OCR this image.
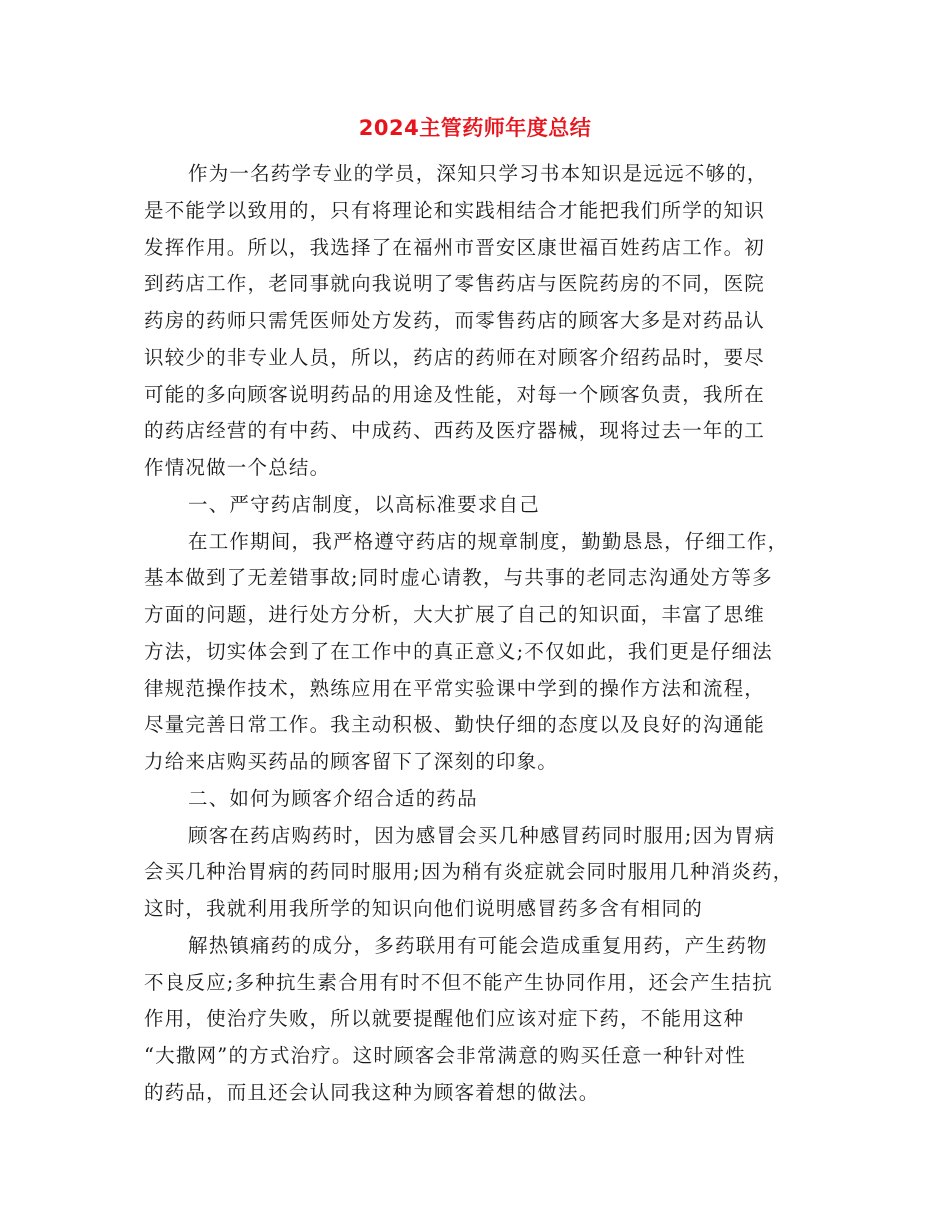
2024主管药师年度总结
作为一名药学专业的学员，深知只学习书本知识是远远不够的，
是不能学以致用的，只有将理论和实践相结合才能把我们所学的知识
发挥作用。所以，我选择了在福州市晋安区康世福百姓药店工作。初
到药店工作，老同事就向我说明了零售药店与医院药房的不同，医院
药房的药师只需凭医师处方发药，而零售药店的顾客大多是对药品认
识较少的非专业人员，所以，药店的药师在对顾客介绍药品时，要尽
可能的多向顾客说明药品的用途及性能，对每一个顾客负责，我所在
的药店经营的有中药、中成药、西药及医疗器械，现将过去一年的工
作情况做一个总结。
一、严守药店制度，以高标准要求自己
在工作期间，我严格遵守药店的规章制度，勤勤恳恳，仔细工作，
基本做到了无差错事故;同时虚心请教，与共事的老同志沟通处方等多
方面的问题，进行处方分析，大大扩展了自己的知识面，丰富了思维
方法，切实体会到了在工作中的真正意义;不仅如此，我们更是仔细法
律规范操作技术，熟练应用在平常实验课中学到的操作方法和流程，
尽量完善日常工作。我主动积极、勤快仔细的态度以及良好的沟通能
力给来店购买药品的顾客留下了深刻的印象。
二、如何为顾客介绍合适的药品
顾客在药店购药时，因为感冒会买几种感冒药同时服用;因为胃病
会买几种治胃病的药同时服用;因为稍有炎症就会同时服用几种消炎药，
这时，我就利用我所学的知识向他们说明感冒药多含有相同的
解热镇痛药的成分，多药联用有可能会造成重复用药，产生药物
不良反应;多种抗生素合用有时不但不能产生协同作用，还会产生拮抗
作用，使治疗失败，所以就要提醒他们应该对症下药，不能用这种
“大撒网”的方式治疗。这时顾客会非常满意的购买任意一种针对性
的药品，而且还会认同我这种为顾客着想的做法。
